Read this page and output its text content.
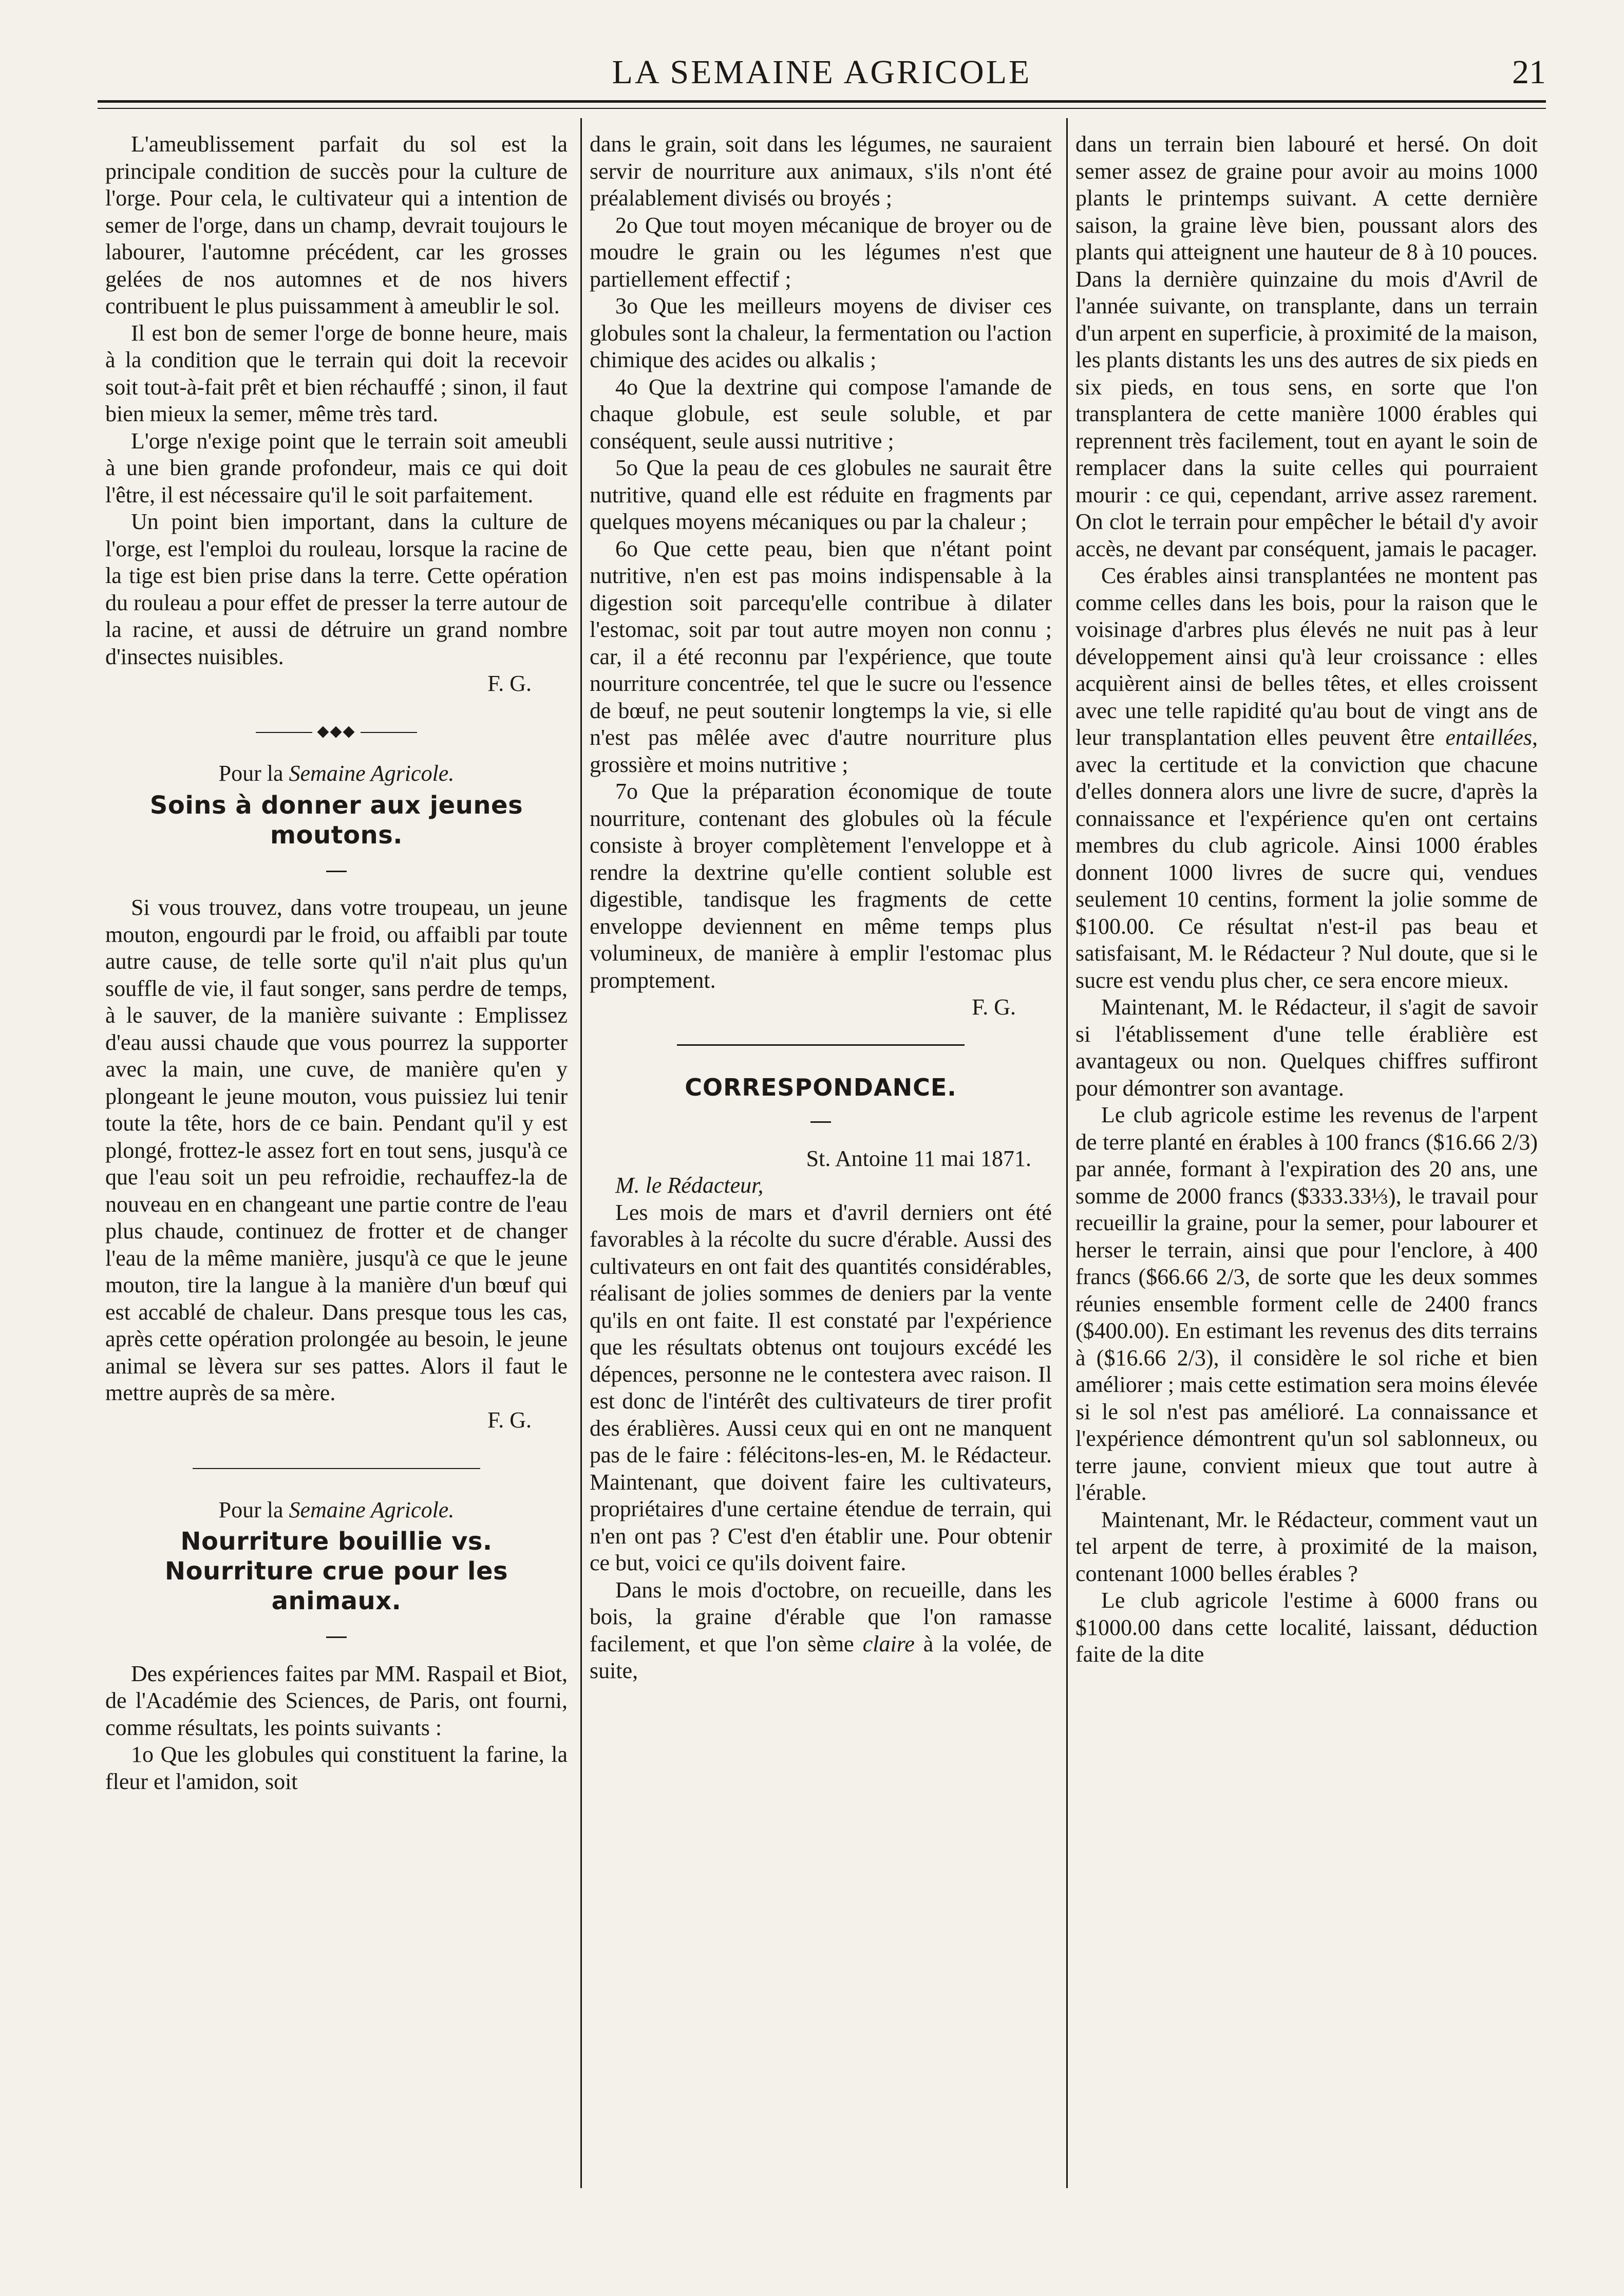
LA SEMAINE AGRICOLE	21

L'ameublissement parfait du sol est la principale condition de succès pour la culture de l'orge. Pour cela, le cultivateur qui a intention de semer de l'orge, dans un champ, devrait toujours le labourer, l'automne précédent, car les grosses gelées de nos automnes et de nos hivers contribuent le plus puissamment à ameublir le sol.

Il est bon de semer l'orge de bonne heure, mais à la condition que le terrain qui doit la recevoir soit tout-à-fait prêt et bien réchauffé ; sinon, il faut bien mieux la semer, même très tard.

L'orge n'exige point que le terrain soit ameubli à une bien grande profondeur, mais ce qui doit l'être, il est nécessaire qu'il le soit parfaitement.

Un point bien important, dans la culture de l'orge, est l'emploi du rouleau, lorsque la racine de la tige est bien prise dans la terre. Cette opération du rouleau a pour effet de presser la terre autour de la racine, et aussi de détruire un grand nombre d'insectes nuisibles.

F. G.

◆◆◆

Pour la Semaine Agricole.

Soins à donner aux jeunes moutons.

Si vous trouvez, dans votre troupeau, un jeune mouton, engourdi par le froid, ou affaibli par toute autre cause, de telle sorte qu'il n'ait plus qu'un souffle de vie, il faut songer, sans perdre de temps, à le sauver, de la manière suivante : Emplissez d'eau aussi chaude que vous pourrez la supporter avec la main, une cuve, de manière qu'en y plongeant le jeune mouton, vous puissiez lui tenir toute la tête, hors de ce bain. Pendant qu'il y est plongé, frottez-le assez fort en tout sens, jusqu'à ce que l'eau soit un peu refroidie, rechauffez-la de nouveau en en changeant une partie contre de l'eau plus chaude, continuez de frotter et de changer l'eau de la même manière, jusqu'à ce que le jeune mouton, tire la langue à la manière d'un bœuf qui est accablé de chaleur. Dans presque tous les cas, après cette opération prolongée au besoin, le jeune animal se lèvera sur ses pattes. Alors il faut le mettre auprès de sa mère.

F. G.

Pour la Semaine Agricole.

Nourriture bouillie vs. Nourriture crue pour les animaux.

Des expériences faites par MM. Raspail et Biot, de l'Académie des Sciences, de Paris, ont fourni, comme résultats, les points suivants :

1o Que les globules qui constituent la farine, la fleur et l'amidon, soit

dans le grain, soit dans les légumes, ne sauraient servir de nourriture aux animaux, s'ils n'ont été préalablement divisés ou broyés ;

2o Que tout moyen mécanique de broyer ou de moudre le grain ou les légumes n'est que partiellement effectif ;

3o Que les meilleurs moyens de diviser ces globules sont la chaleur, la fermentation ou l'action chimique des acides ou alkalis ;

4o Que la dextrine qui compose l'amande de chaque globule, est seule soluble, et par conséquent, seule aussi nutritive ;

5o Que la peau de ces globules ne saurait être nutritive, quand elle est réduite en fragments par quelques moyens mécaniques ou par la chaleur ;

6o Que cette peau, bien que n'étant point nutritive, n'en est pas moins indispensable à la digestion soit parcequ'elle contribue à dilater l'estomac, soit par tout autre moyen non connu ; car, il a été reconnu par l'expérience, que toute nourriture concentrée, tel que le sucre ou l'essence de bœuf, ne peut soutenir longtemps la vie, si elle n'est pas mêlée avec d'autre nourriture plus grossière et moins nutritive ;

7o Que la préparation économique de toute nourriture, contenant des globules où la fécule consiste à broyer complètement l'enveloppe et à rendre la dextrine qu'elle contient soluble est digestible, tandisque les fragments de cette enveloppe deviennent en même temps plus volumineux, de manière à emplir l'estomac plus promptement.

F. G.

CORRESPONDANCE.

St. Antoine 11 mai 1871.

M. le Rédacteur,

Les mois de mars et d'avril derniers ont été favorables à la récolte du sucre d'érable. Aussi des cultivateurs en ont fait des quantités considérables, réalisant de jolies sommes de deniers par la vente qu'ils en ont faite. Il est constaté par l'expérience que les résultats obtenus ont toujours excédé les dépences, personne ne le contestera avec raison. Il est donc de l'intérêt des cultivateurs de tirer profit des érablières. Aussi ceux qui en ont ne manquent pas de le faire : félécitons-les-en, M. le Rédacteur. Maintenant, que doivent faire les cultivateurs, propriétaires d'une certaine étendue de terrain, qui n'en ont pas ? C'est d'en établir une. Pour obtenir ce but, voici ce qu'ils doivent faire.

Dans le mois d'octobre, on recueille, dans les bois, la graine d'érable que l'on ramasse facilement, et que l'on sème claire à la volée, de suite,

dans un terrain bien labouré et hersé. On doit semer assez de graine pour avoir au moins 1000 plants le printemps suivant. A cette dernière saison, la graine lève bien, poussant alors des plants qui atteignent une hauteur de 8 à 10 pouces. Dans la dernière quinzaine du mois d'Avril de l'année suivante, on transplante, dans un terrain d'un arpent en superficie, à proximité de la maison, les plants distants les uns des autres de six pieds en six pieds, en tous sens, en sorte que l'on transplantera de cette manière 1000 érables qui reprennent très facilement, tout en ayant le soin de remplacer dans la suite celles qui pourraient mourir : ce qui, cependant, arrive assez rarement. On clot le terrain pour empêcher le bétail d'y avoir accès, ne devant par conséquent, jamais le pacager.

Ces érables ainsi transplantées ne montent pas comme celles dans les bois, pour la raison que le voisinage d'arbres plus élevés ne nuit pas à leur développement ainsi qu'à leur croissance : elles acquièrent ainsi de belles têtes, et elles croissent avec une telle rapidité qu'au bout de vingt ans de leur transplantation elles peuvent être entaillées, avec la certitude et la conviction que chacune d'elles donnera alors une livre de sucre, d'après la connaissance et l'expérience qu'en ont certains membres du club agricole. Ainsi 1000 érables donnent 1000 livres de sucre qui, vendues seulement 10 centins, forment la jolie somme de $100.00. Ce résultat n'est-il pas beau et satisfaisant, M. le Rédacteur ? Nul doute, que si le sucre est vendu plus cher, ce sera encore mieux.

Maintenant, M. le Rédacteur, il s'agit de savoir si l'établissement d'une telle érablière est avantageux ou non. Quelques chiffres suffiront pour démontrer son avantage.

Le club agricole estime les revenus de l'arpent de terre planté en érables à 100 francs ($16.66 2/3) par année, formant à l'expiration des 20 ans, une somme de 2000 francs ($333.33⅓), le travail pour recueillir la graine, pour la semer, pour labourer et herser le terrain, ainsi que pour l'enclore, à 400 francs ($66.66 2/3, de sorte que les deux sommes réunies ensemble forment celle de 2400 francs ($400.00). En estimant les revenus des dits terrains à ($16.66 2/3), il considère le sol riche et bien améliorer ; mais cette estimation sera moins élevée si le sol n'est pas amélioré. La connaissance et l'expérience démontrent qu'un sol sablonneux, ou terre jaune, convient mieux que tout autre à l'érable.

Maintenant, Mr. le Rédacteur, comment vaut un tel arpent de terre, à proximité de la maison, contenant 1000 belles érables ?

Le club agricole l'estime à 6000 frans ou $1000.00 dans cette localité, laissant, déduction faite de la dite
